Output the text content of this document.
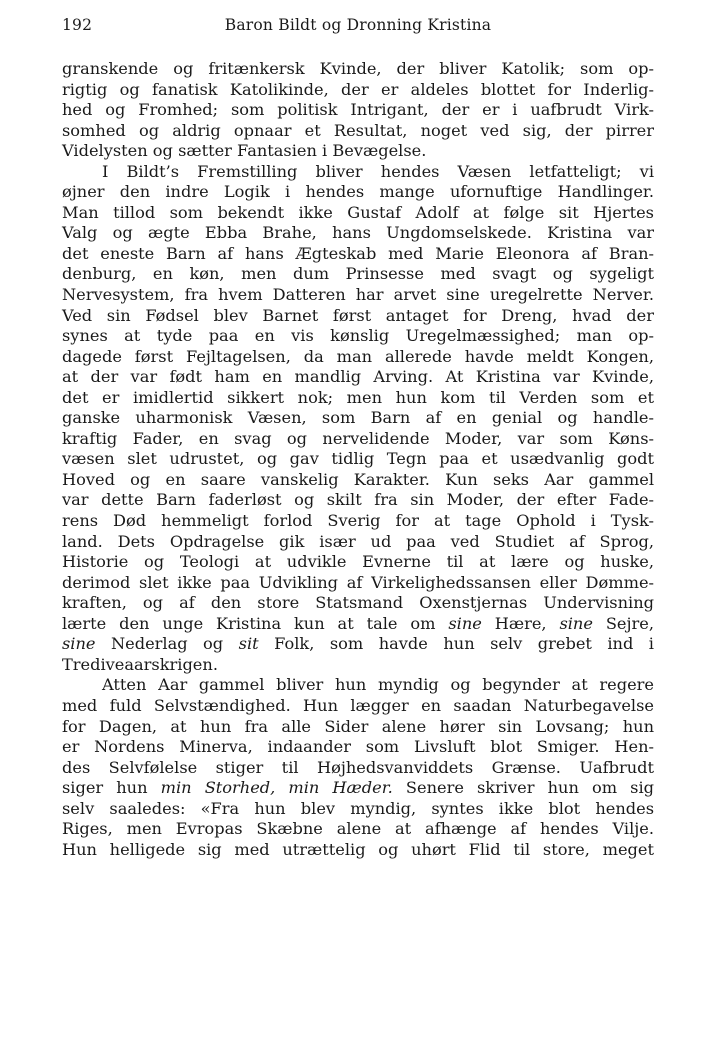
192	Baron Bildt og Dronning Kristina
granskende og fritænkersk Kvinde, der bliver Katolik; som op-
rigtig og fanatisk Katolikinde, der er aldeles blottet for Inderlig-
hed og Fromhed; som politisk Intrigant, der er i uafbrudt Virk-
somhed og aldrig opnaar et Resultat, noget ved sig, der pirrer
Videlysten og sætter Fantasien i Bevægelse.
I Bildt’s Fremstilling bliver hendes Væsen letfatteligt; vi
øjner den indre Logik i hendes mange ufornuftige Handlinger.
Man tillod som bekendt ikke Gustaf Adolf at følge sit Hjertes
Valg og ægte Ebba Brahe, hans Ungdomselskede. Kristina var
det eneste Barn af hans Ægteskab med Marie Eleonora af Bran-
denburg, en køn, men dum Prinsesse med svagt og sygeligt
Nervesystem, fra hvem Datteren har arvet sine uregelrette Nerver.
Ved sin Fødsel blev Barnet først antaget for Dreng, hvad der
synes at tyde paa en vis kønslig Uregelmæssighed; man op-
dagede først Fejltagelsen, da man allerede havde meldt Kongen,
at der var født ham en mandlig Arving. At Kristina var Kvinde,
det er imidlertid sikkert nok; men hun kom til Verden som et
ganske uharmonisk Væsen, som Barn af en genial og handle-
kraftig Fader, en svag og nervelidende Moder, var som Køns-
væsen slet udrustet, og gav tidlig Tegn paa et usædvanlig godt
Hoved og en saare vanskelig Karakter. Kun seks Aar gammel
var dette Barn faderløst og skilt fra sin Moder, der efter Fade-
rens Død hemmeligt forlod Sverig for at tage Ophold i Tysk-
land. Dets Opdragelse gik især ud paa ved Studiet af Sprog,
Historie og Teologi at udvikle Evnerne til at lære og huske,
derimod slet ikke paa Udvikling af Virkelighedssansen eller Dømme-
kraften, og af den store Statsmand Oxenstjernas Undervisning
lærte den unge Kristina kun at tale om sine Hære, sine Sejre,
sine Nederlag og sit Folk, som havde hun selv grebet ind i
Trediveaarskrigen.
Atten Aar gammel bliver hun myndig og begynder at regere
med fuld Selvstændighed. Hun lægger en saadan Naturbegavelse
for Dagen, at hun fra alle Sider alene hører sin Lovsang; hun
er Nordens Minerva, indaander som Livsluft blot Smiger. Hen-
des Selvfølelse stiger til Højhedsvanviddets Grænse. Uafbrudt
siger hun min Storhed, min Hæder. Senere skriver hun om sig
selv saaledes: «Fra hun blev myndig, syntes ikke blot hendes
Riges, men Evropas Skæbne alene at afhænge af hendes Vilje.
Hun helligede sig med utrættelig og uhørt Flid til store, meget
